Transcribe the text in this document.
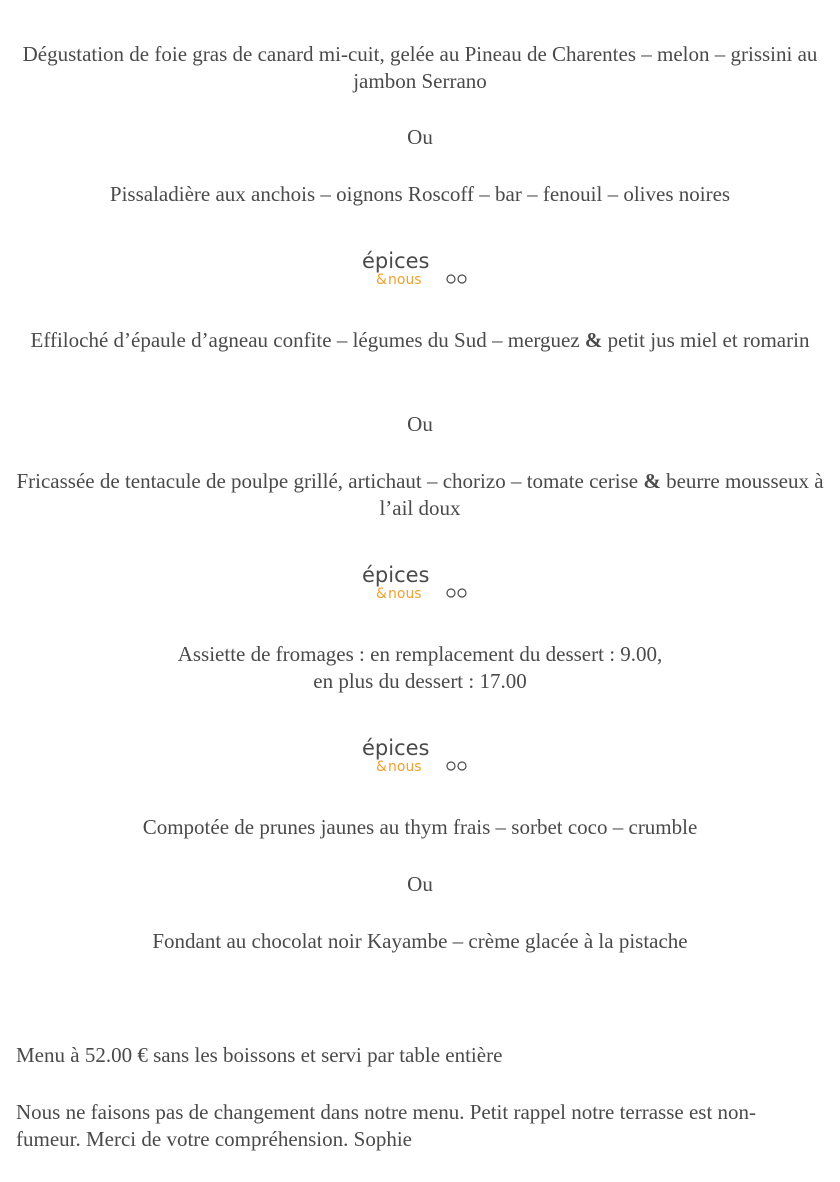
Dégustation de foie gras de canard mi-cuit, gelée au Pineau de Charentes – melon – grissini au jambon Serrano
Ou
Pissaladière aux anchois – oignons Roscoff – bar – fenouil – olives noires
épices
& nous
Effiloché d’épaule d’agneau confite – légumes du Sud – merguez & petit jus miel et romarin
Ou
Fricassée de tentacule de poulpe grillé, artichaut – chorizo – tomate cerise & beurre mousseux à l’ail doux
épices
& nous
Assiette de fromages : en remplacement du dessert : 9.00,
en plus du dessert : 17.00
épices
& nous
Compotée de prunes jaunes au thym frais – sorbet coco – crumble
Ou
Fondant au chocolat noir Kayambe – crème glacée à la pistache
Menu à 52.00 € sans les boissons et servi par table entière
Nous ne faisons pas de changement dans notre menu. Petit rappel notre terrasse est non-fumeur. Merci de votre compréhension. Sophie
